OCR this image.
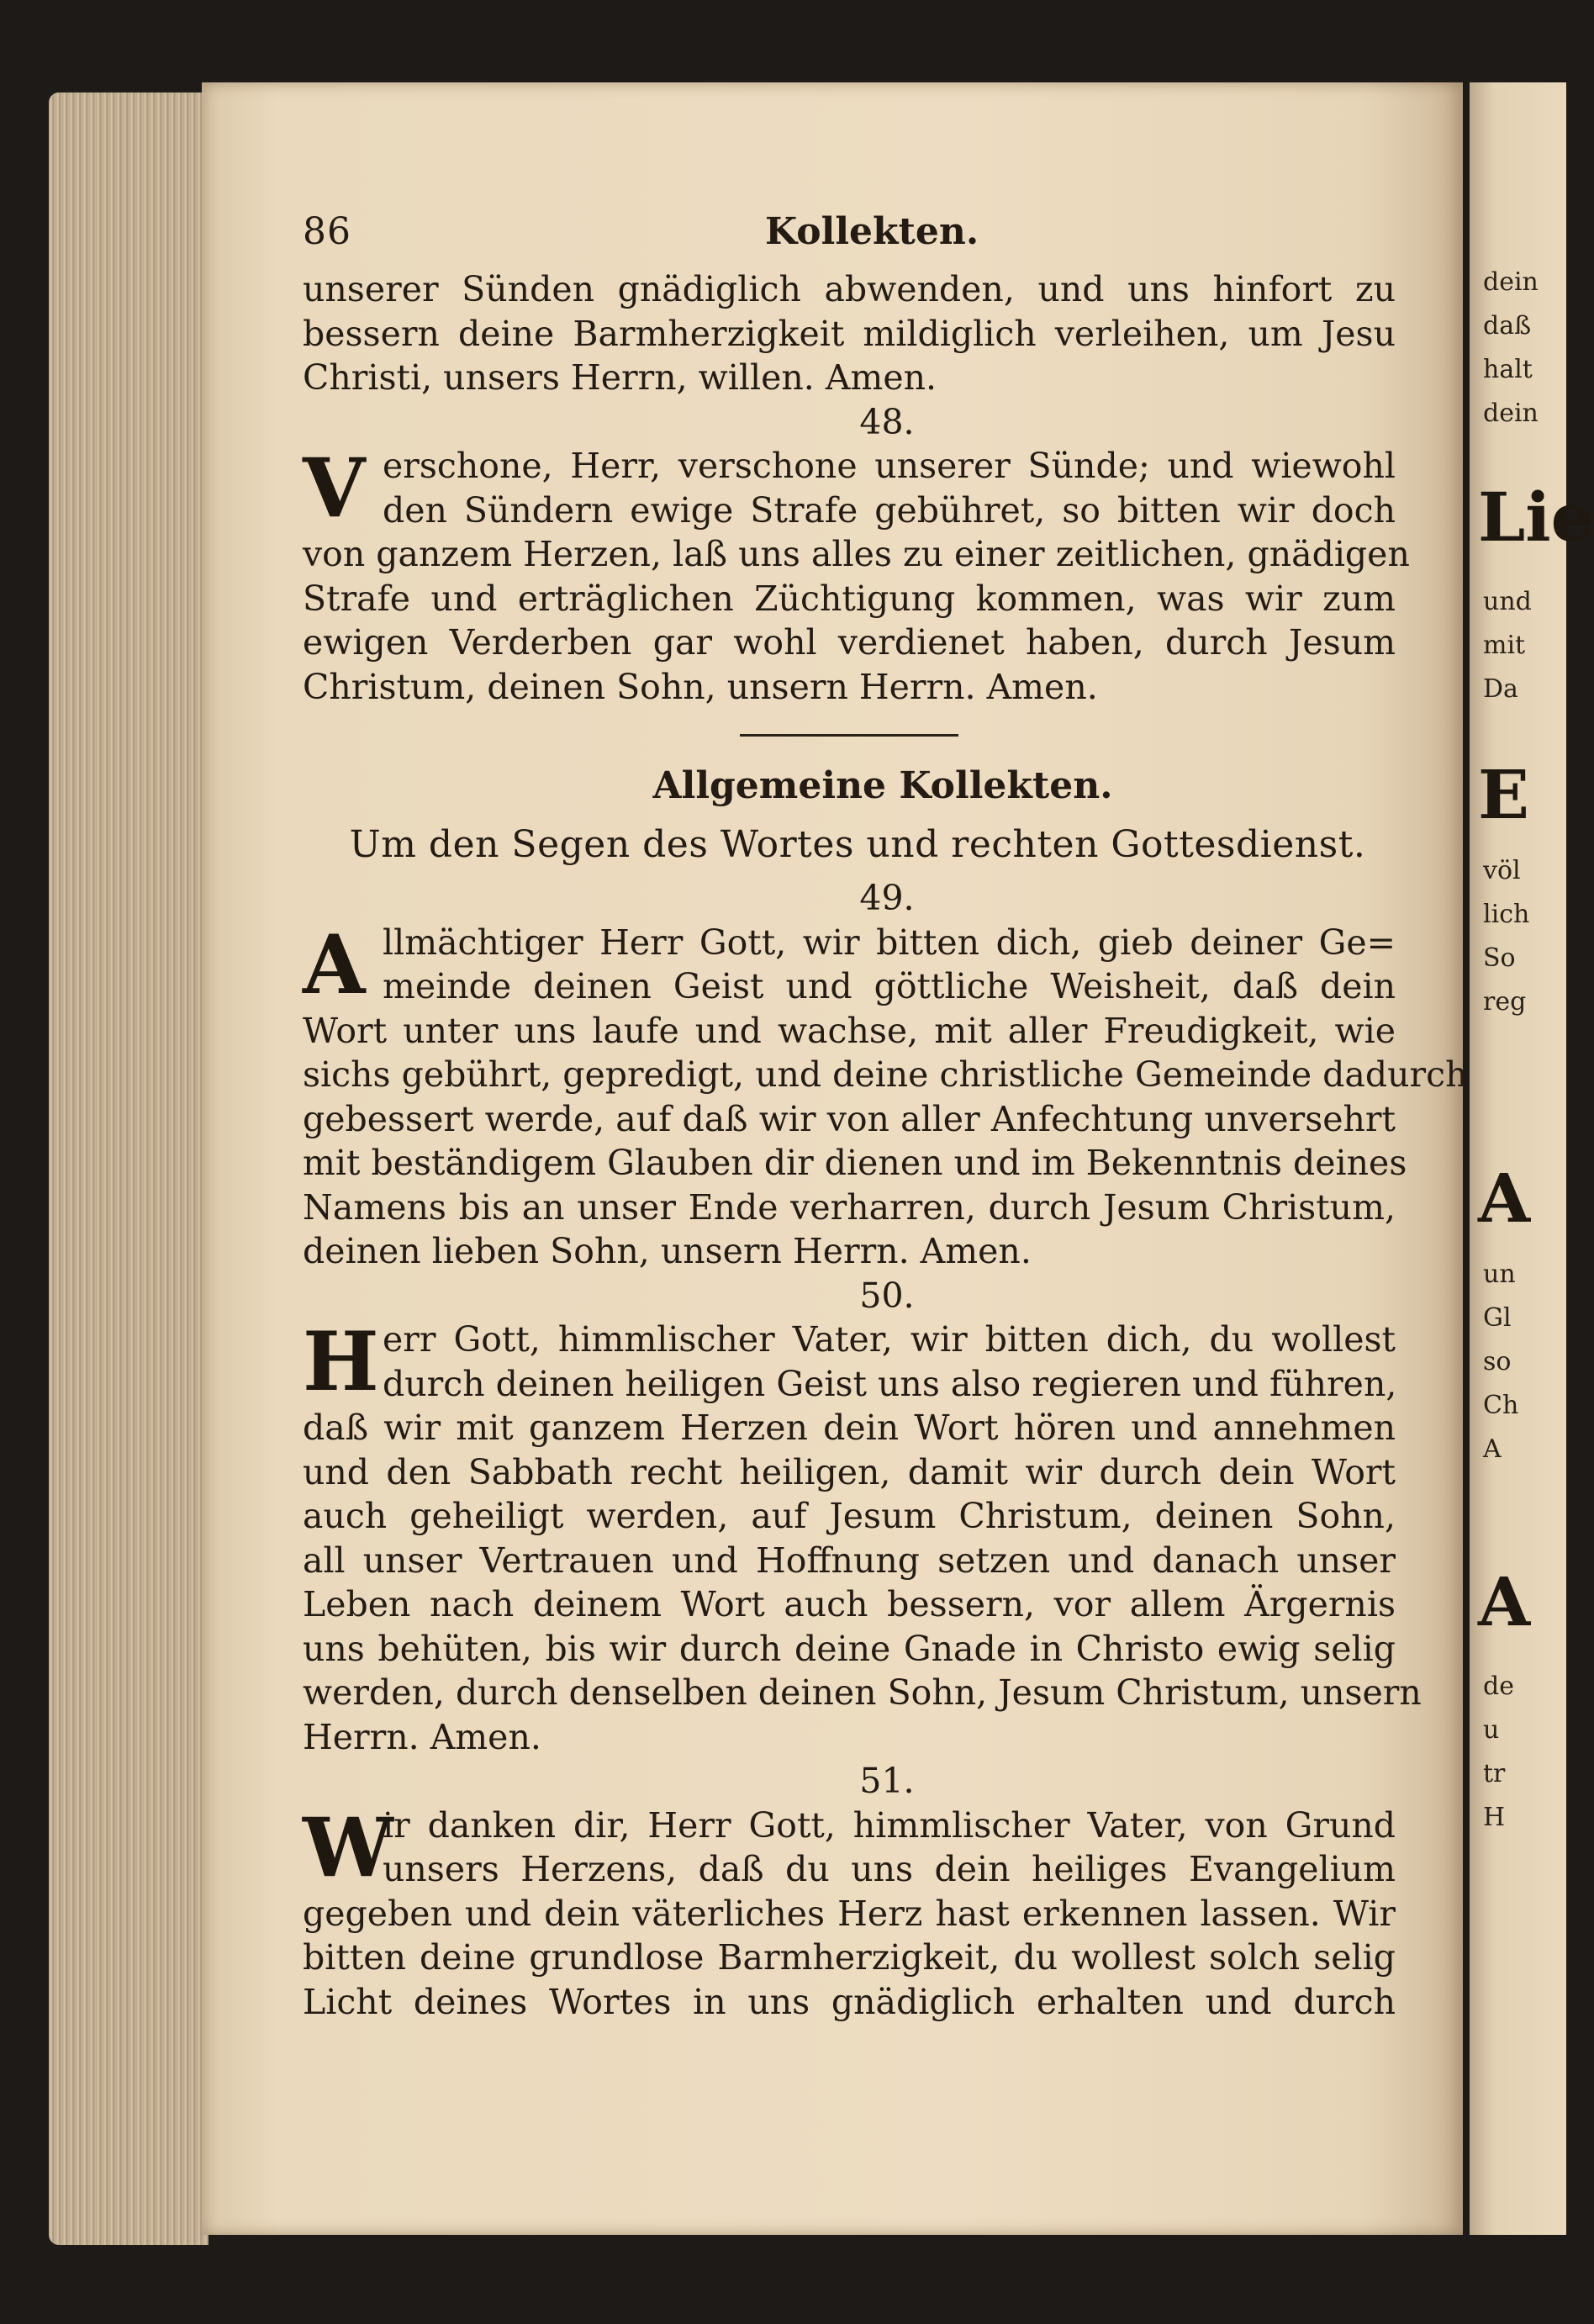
dein
daß
halt
dein
Lie
und
mit
Da
E
völ
lich
So
reg
A
un
Gl
so
Ch
A
A
de
u
tr
H
86	Kollekten.
unserer Sünden gnädiglich abwenden, und uns hinfort zu
bessern deine Barmherzigkeit mildiglich verleihen, um Jesu
Christi, unsers Herrn, willen. Amen.
48.
V erschone, Herr, verschone unserer Sünde; und wiewohl
den Sündern ewige Strafe gebühret, so bitten wir doch
von ganzem Herzen, laß uns alles zu einer zeitlichen, gnädigen
Strafe und erträglichen Züchtigung kommen, was wir zum
ewigen Verderben gar wohl verdienet haben, durch Jesum
Christum, deinen Sohn, unsern Herrn. Amen.
Allgemeine Kollekten.
Um den Segen des Wortes und rechten Gottesdienst.
49.
A llmächtiger Herr Gott, wir bitten dich, gieb deiner Ge=
meinde deinen Geist und göttliche Weisheit, daß dein
Wort unter uns laufe und wachse, mit aller Freudigkeit, wie
sichs gebührt, gepredigt, und deine christliche Gemeinde dadurch
gebessert werde, auf daß wir von aller Anfechtung unversehrt
mit beständigem Glauben dir dienen und im Bekenntnis deines
Namens bis an unser Ende verharren, durch Jesum Christum,
deinen lieben Sohn, unsern Herrn. Amen.
50.
H err Gott, himmlischer Vater, wir bitten dich, du wollest
durch deinen heiligen Geist uns also regieren und führen,
daß wir mit ganzem Herzen dein Wort hören und annehmen
und den Sabbath recht heiligen, damit wir durch dein Wort
auch geheiligt werden, auf Jesum Christum, deinen Sohn,
all unser Vertrauen und Hoffnung setzen und danach unser
Leben nach deinem Wort auch bessern, vor allem Ärgernis
uns behüten, bis wir durch deine Gnade in Christo ewig selig
werden, durch denselben deinen Sohn, Jesum Christum, unsern
Herrn. Amen.
51.
W
ir danken dir, Herr Gott, himmlischer Vater, von Grund
unsers Herzens, daß du uns dein heiliges Evangelium
gegeben und dein väterliches Herz hast erkennen lassen. Wir
bitten deine grundlose Barmherzigkeit, du wollest solch selig
Licht deines Wortes in uns gnädiglich erhalten und durch
